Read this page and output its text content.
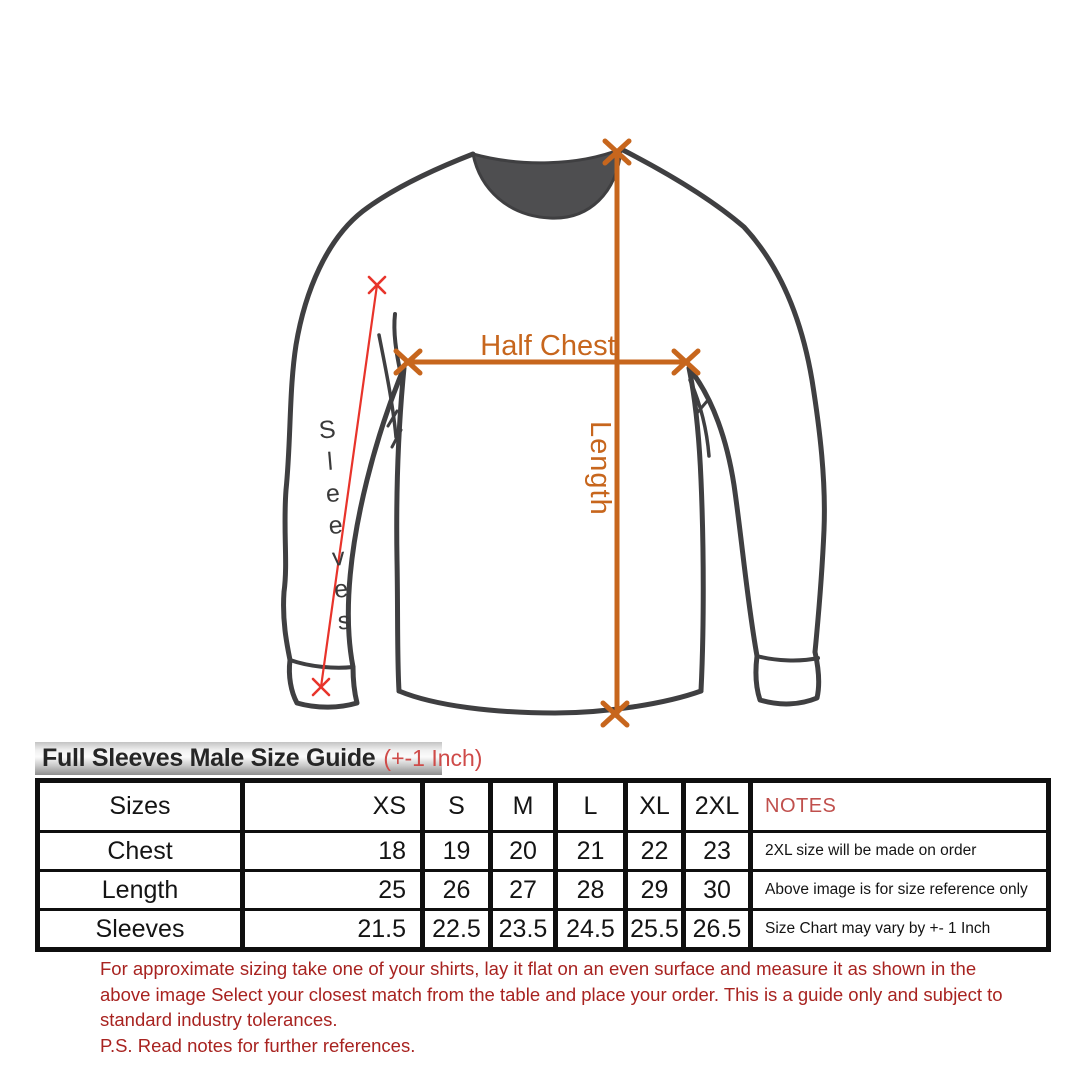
Half Chest
Length
Sleeves
Full Sleeves Male Size Guide (+-1 Inch)
Sizes	XS	S	M	L	XL	2XL	NOTES
Chest	18	19	20	21	22	23	2XL size will be made on order
Length	25	26	27	28	29	30	Above image is for size reference only
Sleeves	21.5	22.5	23.5	24.5	25.5	26.5	Size Chart may vary by +- 1 Inch
For approximate sizing take one of your shirts, lay it flat on an even surface and measure it as shown in the
above image Select your closest match from the table and place your order. This is a guide only and subject to
standard industry tolerances.
P.S. Read notes for further references.
